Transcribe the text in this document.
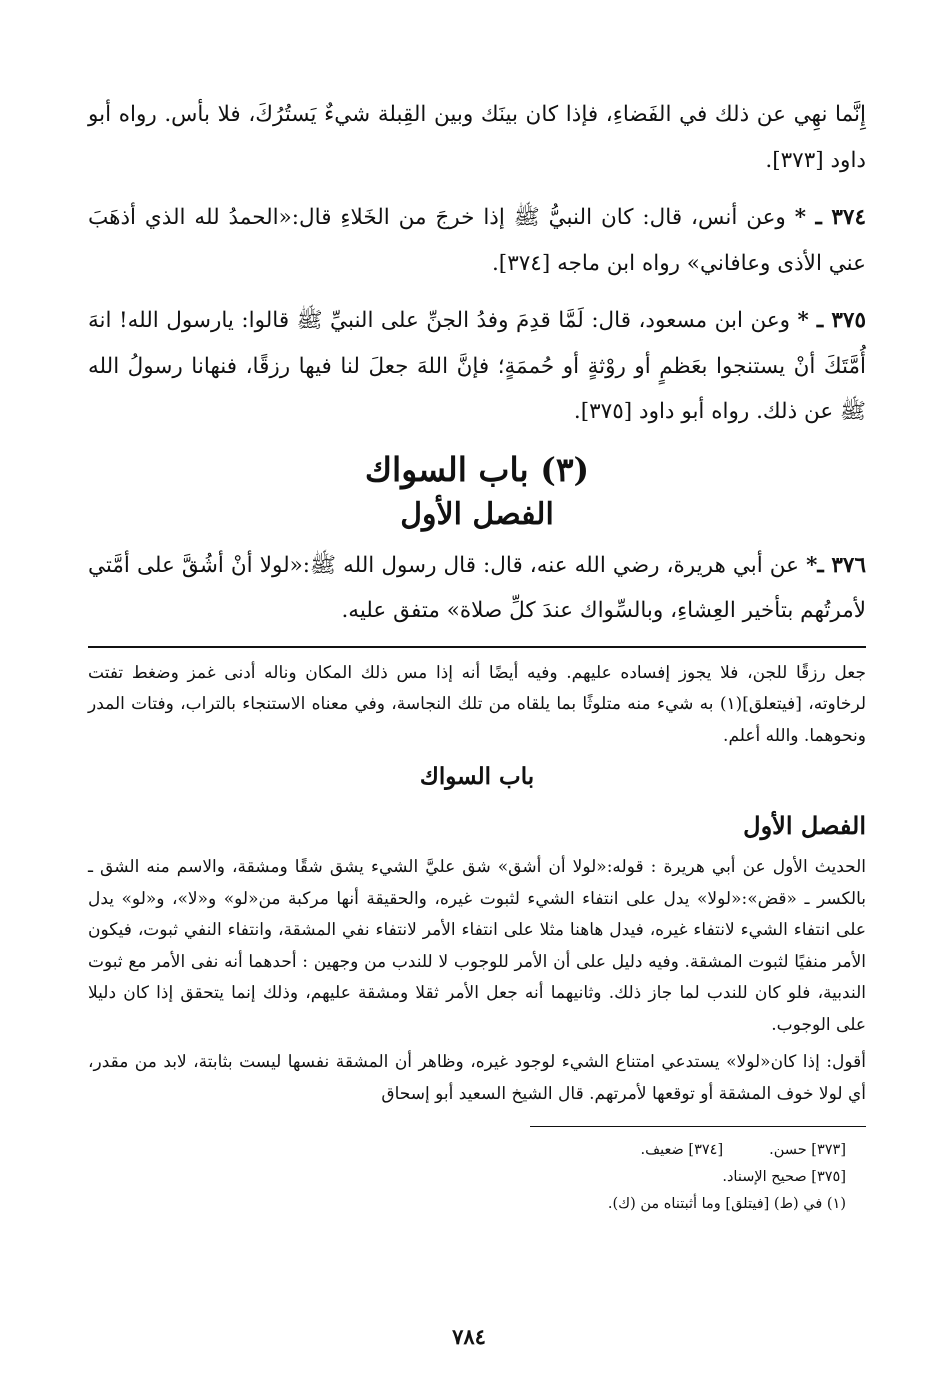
إِنَّما نهِي عن ذلك في الفَضاءِ، فإذا كان بينَك وبين القِبلة شيءٌ يَستُرُكَ، فلا بأس. رواه أبو داود [٣٧٣].

٣٧٤ ـ * وعن أنس، قال: كان النبيُّ ﷺ إذا خرجَ من الخَلاءِ قال:«الحمدُ لله الذي أذهَبَ عني الأذى وعافاني» رواه ابن ماجه [٣٧٤].

٣٧٥ ـ * وعن ابن مسعود، قال: لَمَّا قدِمَ وفدُ الجنِّ على النبيِّ ﷺ قالوا: يارسول الله! انهَ أُمَّتَكَ أنْ يستنجوا بعَظمٍ أو روْثةٍ أو حُممَةٍ؛ فإنَّ اللهَ جعلَ لنا فيها رزقًا، فنهانا رسولُ الله ﷺ عن ذلك. رواه أبو داود [٣٧٥].

(٣) باب السواك
الفصل الأول

٣٧٦ ـ* عن أبي هريرة، رضي الله عنه، قال: قال رسول الله ﷺ:«لولا أنْ أشُقَّ على أمَّتي لأمرتُهم بتأخير العِشاءِ، وبالسِّواك عندَ كلِّ صلاة» متفق عليه.

جعل رزقًا للجن، فلا يجوز إفساده عليهم. وفيه أيضًا أنه إذا مس ذلك المكان وناله أدنى غمز وضغط تفتت لرخاوته، [فيتعلق](١) به شيء منه متلوثًا بما يلقاه من تلك النجاسة، وفي معناه الاستنجاء بالتراب، وفتات المدر ونحوهما. والله أعلم.

باب السواك
الفصل الأول

الحديث الأول عن أبي هريرة : قوله:«لولا أن أشق» شق عليَّ الشيء يشق شقًا ومشقة، والاسم منه الشق ـ بالكسر ـ «قض»:«لولا» يدل على انتفاء الشيء لثبوت غيره، والحقيقة أنها مركبة من«لو» و«لا»، و«لو» يدل على انتفاء الشيء لانتفاء غيره، فيدل هاهنا مثلا على انتفاء الأمر لانتفاء نفي المشقة، وانتفاء النفي ثبوت، فيكون الأمر منفيًا لثبوت المشقة. وفيه دليل على أن الأمر للوجوب لا للندب من وجهين : أحدهما أنه نفى الأمر مع ثبوت الندبية، فلو كان للندب لما جاز ذلك. وثانيهما أنه جعل الأمر ثقلا ومشقة عليهم، وذلك إنما يتحقق إذا كان دليلا على الوجوب.

أقول: إذا كان«لولا» يستدعي امتناع الشيء لوجود غيره، وظاهر أن المشقة نفسها ليست بثابتة، لابد من مقدر، أي لولا خوف المشقة أو توقعها لأمرتهم. قال الشيخ السعيد أبو إسحاق

[٣٧٣] حسن.
[٣٧٤] ضعيف.
[٣٧٥] صحيح الإسناد.
(١) في (ط) [فيتلق] وما أثبتناه من (ك).
٧٨٤
